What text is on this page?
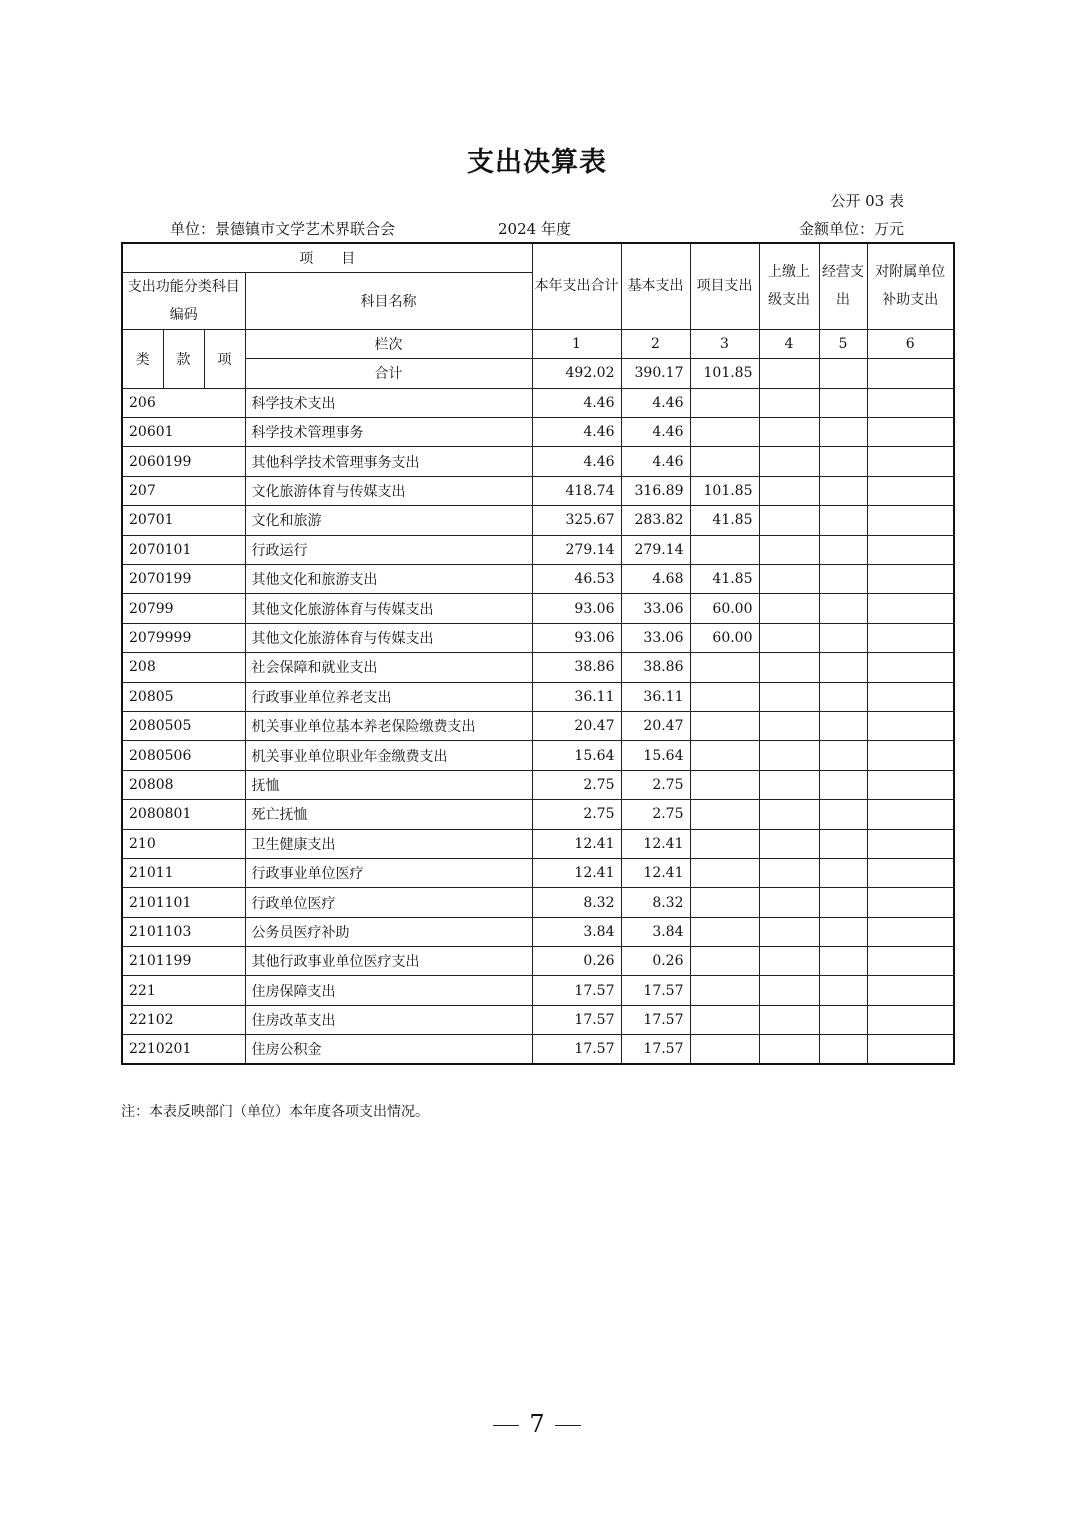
支出决算表
公开 03 表
单位：景德镇市文学艺术界联合会	2024 年度	金额单位：万元
项　　目				本年支出合计	基本支出	项目支出	上缴上级支出	经营支出	对附属单位补助支出
支出功能分类科目编码			科目名称						
类	款	项	栏次	1	2	3	4	5	6
			合计	492.02	390.17	101.85			
206			科学技术支出	4.46	4.46				
20601			科学技术管理事务	4.46	4.46				
2060199			其他科学技术管理事务支出	4.46	4.46				
207			文化旅游体育与传媒支出	418.74	316.89	101.85			
20701			文化和旅游	325.67	283.82	41.85			
2070101			行政运行	279.14	279.14				
2070199			其他文化和旅游支出	46.53	4.68	41.85			
20799			其他文化旅游体育与传媒支出	93.06	33.06	60.00			
2079999			其他文化旅游体育与传媒支出	93.06	33.06	60.00			
208			社会保障和就业支出	38.86	38.86				
20805			行政事业单位养老支出	36.11	36.11				
2080505			机关事业单位基本养老保险缴费支出	20.47	20.47				
2080506			机关事业单位职业年金缴费支出	15.64	15.64				
20808			抚恤	2.75	2.75				
2080801			死亡抚恤	2.75	2.75				
210			卫生健康支出	12.41	12.41				
21011			行政事业单位医疗	12.41	12.41				
2101101			行政单位医疗	8.32	8.32				
2101103			公务员医疗补助	3.84	3.84				
2101199			其他行政事业单位医疗支出	0.26	0.26				
221			住房保障支出	17.57	17.57				
22102			住房改革支出	17.57	17.57				
2210201			住房公积金	17.57	17.57				
注：本表反映部门（单位）本年度各项支出情况。
7
